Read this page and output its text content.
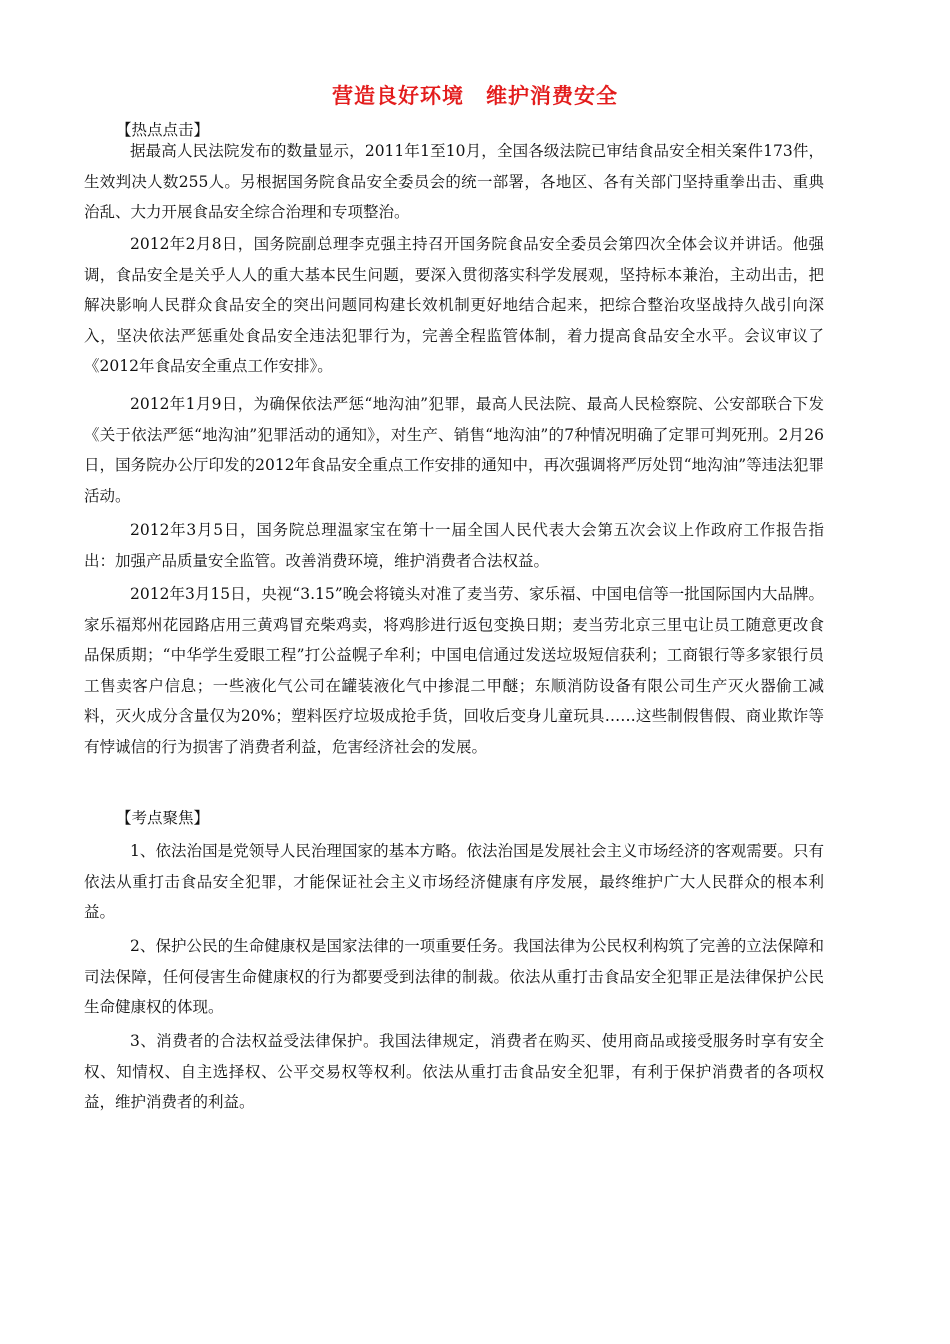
营造良好环境　维护消费安全
【热点点击】

据最高人民法院发布的数量显示，2011年1至10月，全国各级法院已审结食品安全相关案件173件，生效判决人数255人。另根据国务院食品安全委员会的统一部署，各地区、各有关部门坚持重拳出击、重典治乱、大力开展食品安全综合治理和专项整治。

2012年2月8日，国务院副总理李克强主持召开国务院食品安全委员会第四次全体会议并讲话。他强调，食品安全是关乎人人的重大基本民生问题，要深入贯彻落实科学发展观，坚持标本兼治，主动出击，把解决影响人民群众食品安全的突出问题同构建长效机制更好地结合起来，把综合整治攻坚战持久战引向深入，坚决依法严惩重处食品安全违法犯罪行为，完善全程监管体制，着力提高食品安全水平。会议审议了《2012年食品安全重点工作安排》。

2012年1月9日，为确保依法严惩“地沟油”犯罪，最高人民法院、最高人民检察院、公安部联合下发《关于依法严惩“地沟油”犯罪活动的通知》，对生产、销售“地沟油”的7种情况明确了定罪可判死刑。2月26日，国务院办公厅印发的2012年食品安全重点工作安排的通知中，再次强调将严厉处罚“地沟油”等违法犯罪活动。

2012年3月5日，国务院总理温家宝在第十一届全国人民代表大会第五次会议上作政府工作报告指出：加强产品质量安全监管。改善消费环境，维护消费者合法权益。

2012年3月15日，央视“3.15”晚会将镜头对准了麦当劳、家乐福、中国电信等一批国际国内大品牌。家乐福郑州花园路店用三黄鸡冒充柴鸡卖，将鸡胗进行返包变换日期；麦当劳北京三里屯让员工随意更改食品保质期；“中华学生爱眼工程”打公益幌子牟利；中国电信通过发送垃圾短信获利；工商银行等多家银行员工售卖客户信息；一些液化气公司在罐装液化气中掺混二甲醚；东顺消防设备有限公司生产灭火器偷工减料，灭火成分含量仅为20%；塑料医疗垃圾成抢手货，回收后变身儿童玩具……这些制假售假、商业欺诈等有悖诚信的行为损害了消费者利益，危害经济社会的发展。

【考点聚焦】

1、依法治国是党领导人民治理国家的基本方略。依法治国是发展社会主义市场经济的客观需要。只有依法从重打击食品安全犯罪，才能保证社会主义市场经济健康有序发展，最终维护广大人民群众的根本利益。

2、保护公民的生命健康权是国家法律的一项重要任务。我国法律为公民权利构筑了完善的立法保障和司法保障，任何侵害生命健康权的行为都要受到法律的制裁。依法从重打击食品安全犯罪正是法律保护公民生命健康权的体现。

3、消费者的合法权益受法律保护。我国法律规定，消费者在购买、使用商品或接受服务时享有安全权、知情权、自主选择权、公平交易权等权利。依法从重打击食品安全犯罪，有利于保护消费者的各项权益，维护消费者的利益。
